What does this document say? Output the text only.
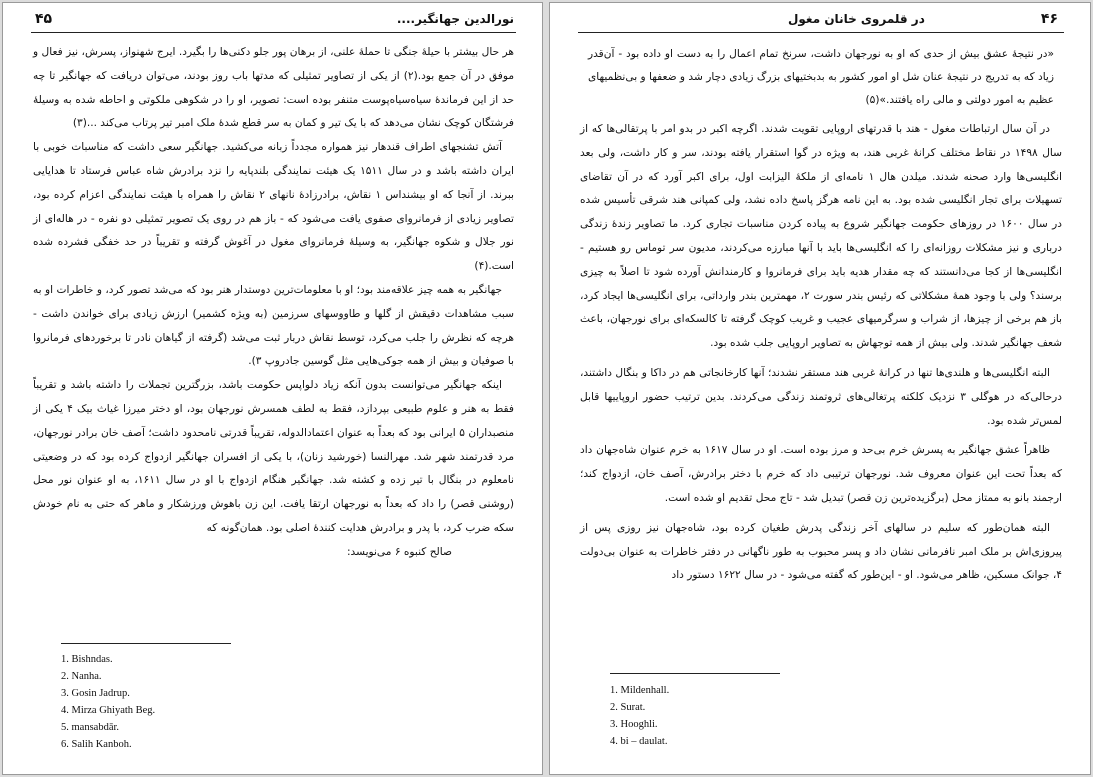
۴۵	نورالدین جهانگیر....

هر حال بیشتر با حیلهٔ جنگی تا حملهٔ علنی، از برهان پور جلو دکنی‌ها را بگیرد. ایرج شهنواز، پسرش، نیز فعال و موفق در آن جمع بود.(۲) از یکی از تصاویر تمثیلی که مدتها باب روز بودند، می‌توان دریافت که جهانگیر تا چه حد از این فرماندهٔ سیاه‌سیاه‌پوست متنفر بوده است: تصویر، او را در شکوهی ملکوتی و احاطه شده به وسیلهٔ فرشتگان کوچک نشان می‌دهد که با یک تیر و کمان به سر قطع شدهٔ ملک امبر تیر پرتاب می‌کند ...(۳)

آتش تشنجهای اطراف قندهار نیز همواره مجدداً زبانه می‌کشید. جهانگیر سعی داشت که مناسبات خوبی با ایران داشته باشد و در سال ۱۵۱۱ یک هیئت نمایندگی بلندپایه را نزد برادرش شاه عباس فرستاد تا هدایایی ببرند. از آنجا که او بیشنداس ۱ نقاش، برادرزادهٔ نانهای ۲ نقاش را همراه با هیئت نمایندگی اعزام کرده بود، تصاویر زیادی از فرمانروای صفوی یافت می‌شود که - باز هم در روی یک تصویر تمثیلی دو نفره - در هاله‌ای از نور جلال و شکوه جهانگیر، به وسیلهٔ فرمانروای مغول در آغوش گرفته و تقریباً در حد خفگی فشرده شده است.(۴)

جهانگیر به همه چیز علاقه‌مند بود؛ او با معلومات‌ترین دوستدار هنر بود که می‌شد تصور کرد، و خاطرات او به سبب مشاهدات دقیقش از گلها و طاووسهای سرزمین (به ویژه کشمیر) ارزش زیادی برای خواندن داشت - هرچه که نظرش را جلب می‌کرد، توسط نقاش دربار ثبت می‌شد (گرفته از گیاهان نادر تا برخوردهای فرمانروا با صوفیان و بیش از همه جوکی‌هایی مثل گوسین جادروپ ۳).

اینکه جهانگیر می‌توانست بدون آنکه زیاد دلواپس حکومت باشد، بزرگترین تجملات را داشته باشد و تقریباً فقط به هنر و علوم طبیعی بپردازد، فقط به لطف همسرش نورجهان بود، او دختر میرزا غیاث بیک ۴ یکی از منصبداران ۵ ایرانی بود که بعداً به عنوان اعتمادالدوله، تقریباً قدرتی نامحدود داشت؛ آصف خان برادر نورجهان، مرد قدرتمند شهر شد. مهرالنسا (خورشید زنان)، با یکی از افسران جهانگیر ازدواج کرده بود که در وضعیتی نامعلوم در بنگال با تیر زده و کشته شد. جهانگیر هنگام ازدواج با او در سال ۱۶۱۱، به او عنوان نور محل (روشنی قصر) را داد که بعداً به نورجهان ارتقا یافت. این زن باهوش ورزشکار و ماهر که حتی به نام خودش سکه ضرب کرد، با پدر و برادرش هدایت کنندهٔ اصلی بود. همان‌گونه که

صالح کنبوه ۶ می‌نویسد:

1. Bishndas.
2. Nanha.
3. Gosin Jadrup.
4. Mirza Ghiyath Beg.
5. mansabdār.
6. Salih Kanboh.
۴۶
در قلمروی خانان مغول

«در نتیجهٔ عشق بیش از حدی که او به نورجهان داشت، سرنخ تمام اعمال را به دست او داده بود - آن‌قدر زیاد که به تدریج در نتیجهٔ عنان شل او امور کشور به بدبختیهای بزرگ زیادی دچار شد و ضعفها و بی‌نظمیهای عظیم به امور دولتی و مالی راه یافتند.»(۵)

در آن سال ارتباطات مغول - هند با قدرتهای اروپایی تقویت شدند. اگرچه اکبر در بدو امر با پرتقالی‌ها که از سال ۱۴۹۸ در نقاط مختلف کرانهٔ غربی هند، به ویژه در گوا استقرار یافته بودند، سر و کار داشت، ولی بعد انگلیسی‌ها وارد صحنه شدند. میلدن هال ۱ نامه‌ای از ملکهٔ الیزابت اول، برای اکبر آورد که در آن تقاضای تسهیلات برای تجار انگلیسی شده بود. به این نامه هرگز پاسخ داده نشد، ولی کمپانی هند شرقی تأسیس شده در سال ۱۶۰۰ در روزهای حکومت جهانگیر شروع به پیاده کردن مناسبات تجاری کرد. ما تصاویر زندهٔ زندگی درباری و نیز مشکلات روزانه‌ای را که انگلیسی‌ها باید با آنها مبارزه می‌کردند، مدیون سر توماس رو هستیم - انگلیسی‌ها از کجا می‌دانستند که چه مقدار هدیه باید برای فرمانروا و کارمندانش آورده شود تا اصلاً به چیزی برسند؟ ولی با وجود همهٔ مشکلاتی که رئیس بندر سورت ۲، مهمترین بندر وارداتی، برای انگلیسی‌ها ایجاد کرد، باز هم برخی از چیزها، از شراب و سرگرمیهای عجیب و غریب کوچک گرفته تا کالسکه‌ای برای نورجهان، باعث شعف جهانگیر شدند. ولی بیش از همه توجهاش به تصاویر اروپایی جلب شده بود.

البته انگلیسی‌ها و هلندی‌ها تنها در کرانهٔ غربی هند مستقر نشدند؛ آنها کارخانجاتی هم در داکا و بنگال داشتند، درحالی‌که در هوگلی ۳ نزدیک کلکته پرتغالی‌های ثروتمند زندگی می‌کردند. بدین ترتیب حضور اروپاییها قابل لمس‌تر شده بود.

ظاهراً عشق جهانگیر به پسرش خرم بی‌حد و مرز بوده است. او در سال ۱۶۱۷ به خرم عنوان شاه‌جهان داد که بعداً تحت این عنوان معروف شد. نورجهان ترتیبی داد که خرم با دختر برادرش، آصف خان، ازدواج کند؛ ارجمند بانو به ممتاز محل (برگزیده‌ترین زن قصر) تبدیل شد - تاج محل تقدیم او شده است.

البته همان‌طور که سلیم در سالهای آخر زندگی پدرش طغیان کرده بود، شاه‌جهان نیز روزی پس از پیروزی‌اش بر ملک امبر نافرمانی نشان داد و پسر محبوب به طور ناگهانی در دفتر خاطرات به عنوان بی‌دولت ۴، جوانک مسکین، ظاهر می‌شود. او - این‌طور که گفته می‌شود - در سال ۱۶۲۲ دستور داد

1. Mildenhall.
2. Surat.
3. Hooghli.
4. bi – daulat.
